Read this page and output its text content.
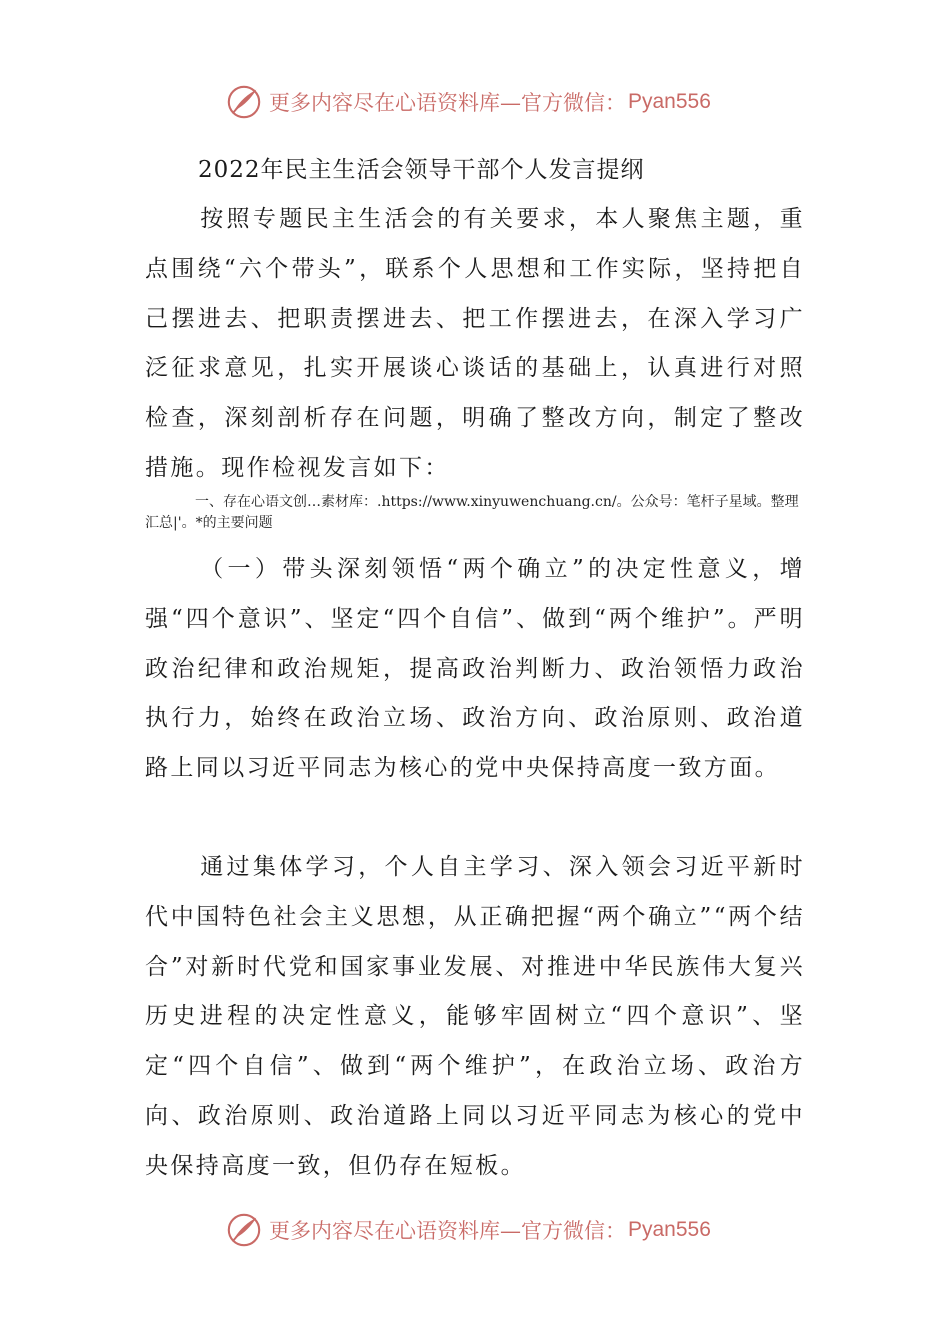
更多内容尽在心语资料库—官方微信： Pyan556
2022年民主生活会领导干部个人发言提纲
按照专题民主生活会的有关要求，本人聚焦主题，重点围绕“六个带头”，联系个人思想和工作实际，坚持把自己摆进去、把职责摆进去、把工作摆进去，在深入学习广泛征求意见，扎实开展谈心谈话的基础上，认真进行对照检查，深刻剖析存在问题，明确了整改方向，制定了整改措施。现作检视发言如下：
一、存在心语文创…素材库：.https://www.xinyuwenchuang.cn/。公众号：笔杆子星域。整理汇总|'。*的主要问题
（一）带头深刻领悟“两个确立”的决定性意义，增强“四个意识”、坚定“四个自信”、做到“两个维护”。严明政治纪律和政治规矩，提高政治判断力、政治领悟力政治执行力，始终在政治立场、政治方向、政治原则、政治道路上同以习近平同志为核心的党中央保持高度一致方面。
通过集体学习，个人自主学习、深入领会习近平新时代中国特色社会主义思想，从正确把握“两个确立”“两个结合”对新时代党和国家事业发展、对推进中华民族伟大复兴历史进程的决定性意义，能够牢固树立“四个意识”、坚定“四个自信”、做到“两个维护”，在政治立场、政治方向、政治原则、政治道路上同以习近平同志为核心的党中央保持高度一致，但仍存在短板。
更多内容尽在心语资料库—官方微信： Pyan556
